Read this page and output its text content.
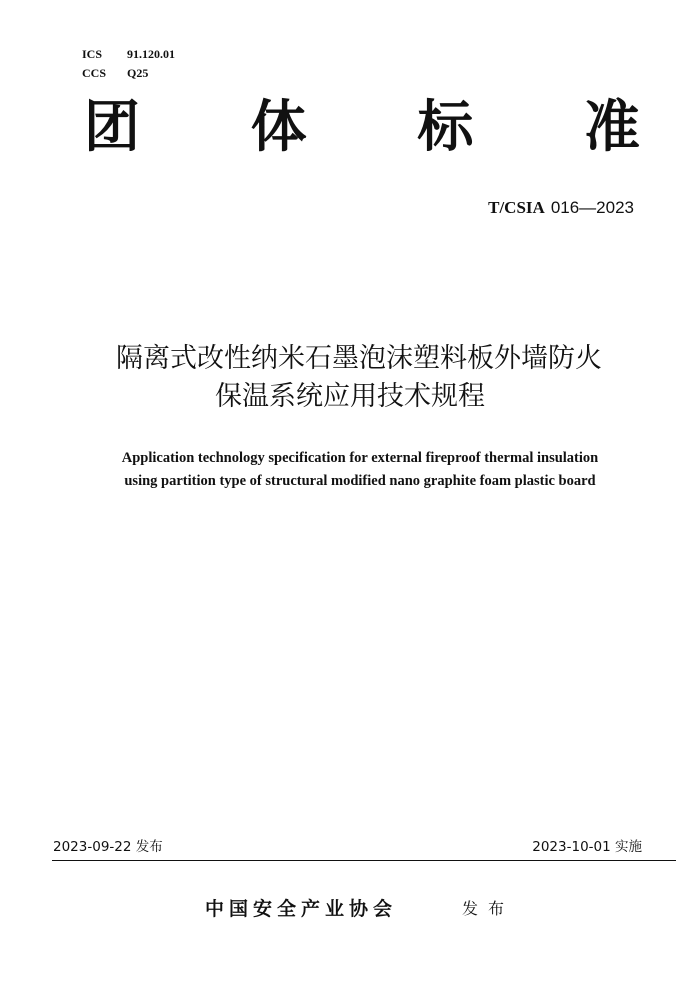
ICS	91.120.01
CCS	Q25
团 体 标 准
T/CSIA 016—2023
隔离式改性纳米石墨泡沫塑料板外墙防火
保温系统应用技术规程
Application technology specification for external fireproof thermal insulation
using partition type of structural modified nano graphite foam plastic board
2023-09-22 发布	2023-10-01 实施
中国安全产业协会	发布
